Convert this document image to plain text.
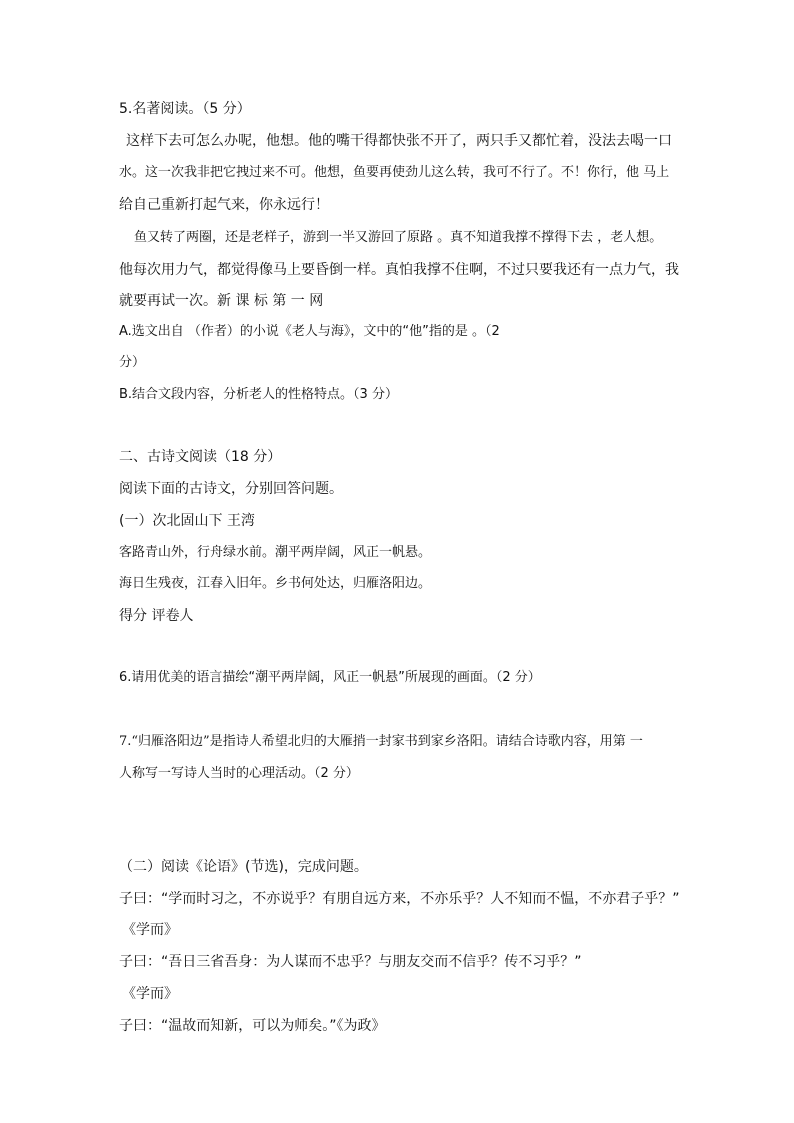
5.名著阅读。（5 分）
这样下去可怎么办呢，他想。他的嘴干得都快张不开了，两只手又都忙着，没法去喝一口
水。这一次我非把它拽过来不可。他想，鱼要再使劲儿这么转，我可不行了。不！你行，他 马上
给自己重新打起气来，你永远行！
鱼又转了两圈，还是老样子，游到一半又游回了原路 。真不知道我撑不撑得下去 ，老人想。
他每次用力气，都觉得像马上要昏倒一样。真怕我撑不住啊，不过只要我还有一点力气，我
就要再试一次。新 课 标 第 一 网
A.选文出自 （作者）的小说《老人与海》，文中的“他”指的是 。（2
分）
B.结合文段内容，分析老人的性格特点。（3 分）
二、古诗文阅读（18 分）
阅读下面的古诗文，分别回答问题。
(一）次北固山下 王湾
客路青山外，行舟绿水前。潮平两岸阔，风正一帆悬。
海日生残夜，江春入旧年。乡书何处达，归雁洛阳边。
得分 评卷人
6.请用优美的语言描绘“潮平两岸阔，风正一帆悬”所展现的画面。（2 分）
7.“归雁洛阳边”是指诗人希望北归的大雁捎一封家书到家乡洛阳。请结合诗歌内容，用第 一
人称写一写诗人当时的心理活动。（2 分）
（二）阅读《论语》(节选)，完成问题。
子曰：“学而时习之，不亦说乎？有朋自远方来，不亦乐乎？人不知而不愠，不亦君子乎？”
《学而》
子曰：“吾日三省吾身：为人谋而不忠乎？与朋友交而不信乎？传不习乎？”
《学而》
子曰：“温故而知新，可以为师矣。”《为政》
